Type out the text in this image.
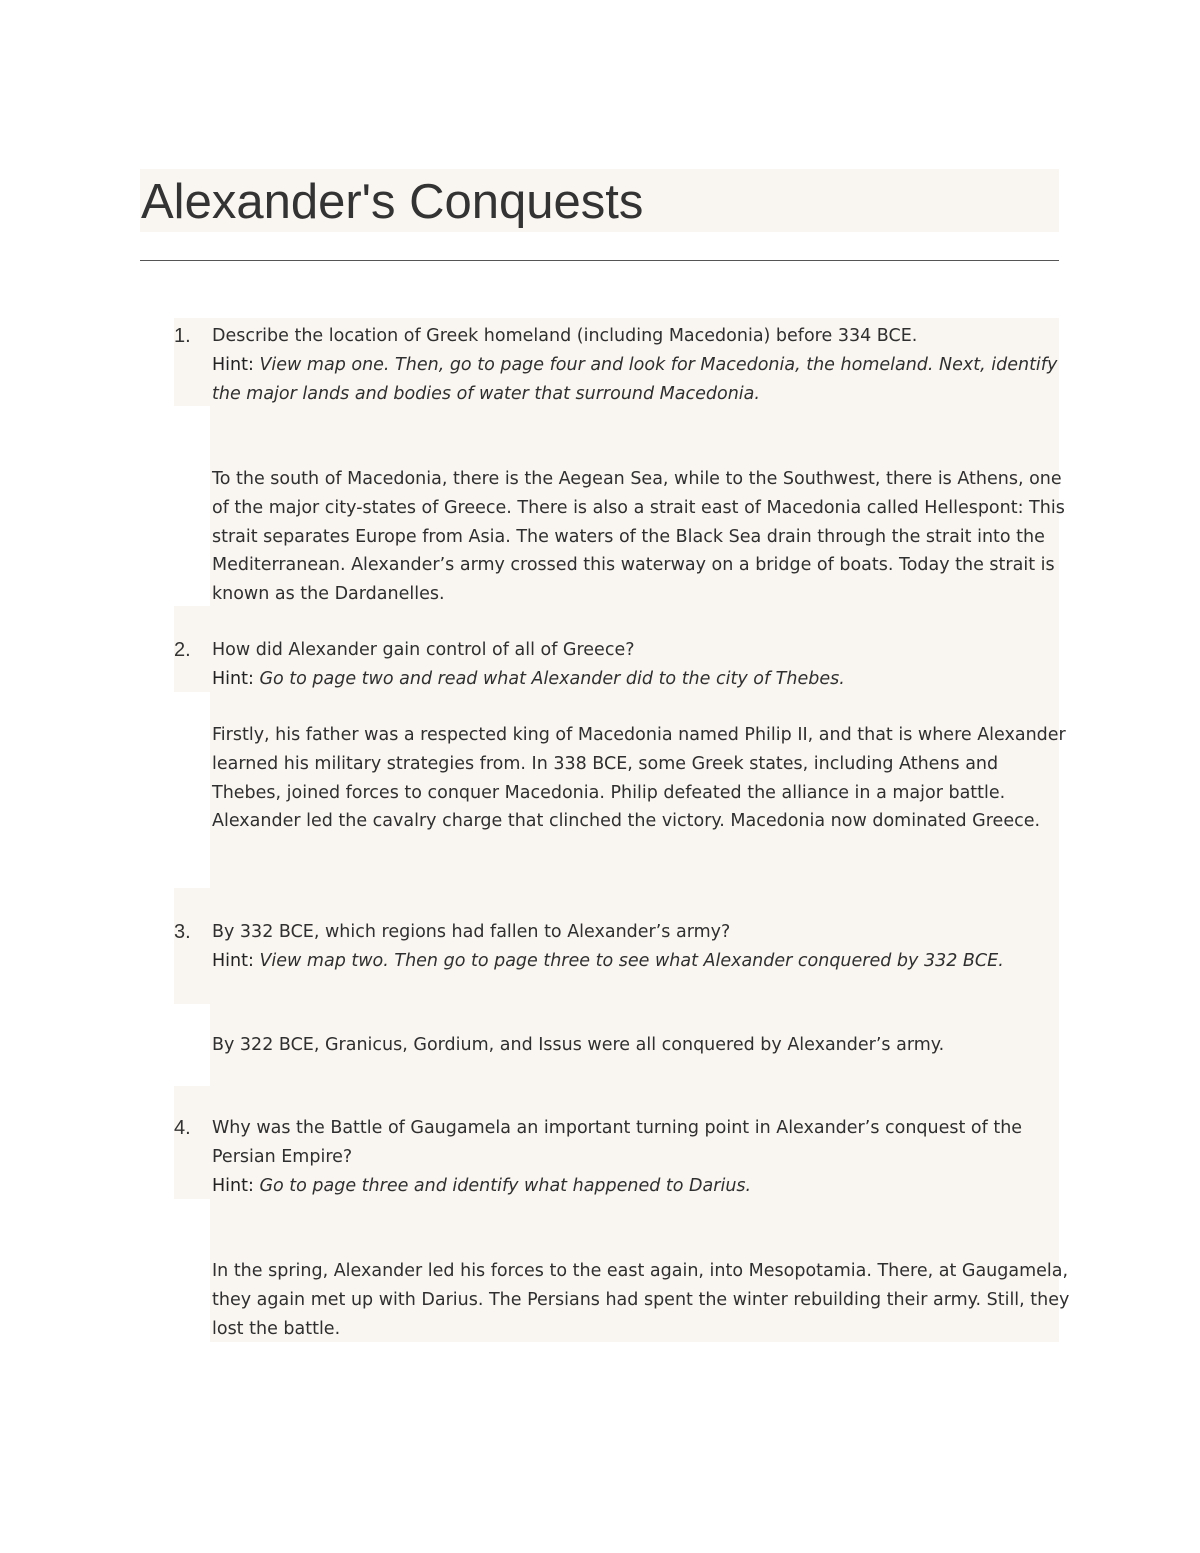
Alexander's Conquests
1. Describe the location of Greek homeland (including Macedonia) before 334 BCE.

Hint: View map one. Then, go to page four and look for Macedonia, the homeland. Next, identify the major lands and bodies of water that surround Macedonia.

To the south of Macedonia, there is the Aegean Sea, while to the Southwest, there is Athens, one of the major city-states of Greece. There is also a strait east of Macedonia called Hellespont: This strait separates Europe from Asia. The waters of the Black Sea drain through the strait into the Mediterranean. Alexander’s army crossed this waterway on a bridge of boats. Today the strait is known as the Dardanelles.

2. How did Alexander gain control of all of Greece?

Hint: Go to page two and read what Alexander did to the city of Thebes.

Firstly, his father was a respected king of Macedonia named Philip II, and that is where Alexander learned his military strategies from. In 338 BCE, some Greek states, including Athens and Thebes, joined forces to conquer Macedonia. Philip defeated the alliance in a major battle. Alexander led the cavalry charge that clinched the victory. Macedonia now dominated Greece.

3. By 332 BCE, which regions had fallen to Alexander’s army?

Hint: View map two. Then go to page three to see what Alexander conquered by 332 BCE.

By 322 BCE, Granicus, Gordium, and Issus were all conquered by Alexander’s army.

4. Why was the Battle of Gaugamela an important turning point in Alexander’s conquest of the Persian Empire?

Hint: Go to page three and identify what happened to Darius.

In the spring, Alexander led his forces to the east again, into Mesopotamia. There, at Gaugamela, they again met up with Darius. The Persians had spent the winter rebuilding their army. Still, they lost the battle.
